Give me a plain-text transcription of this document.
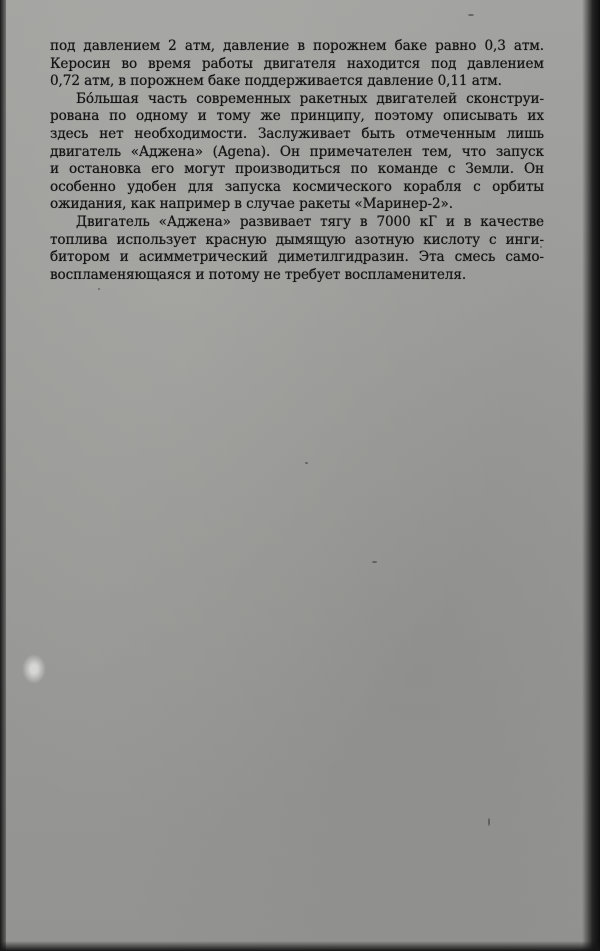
под давлением 2 атм, давление в порожнем баке равно 0,3 атм.
Керосин во время работы двигателя находится под давлением
0,72 атм, в порожнем баке поддерживается давление 0,11 атм.
Бо́льшая часть современных ракетных двигателей сконструи-
рована по одному и тому же принципу, поэтому описывать их
здесь нет необходимости. Заслуживает быть отмеченным лишь
двигатель «Аджена» (Agena). Он примечателен тем, что запуск
и остановка его могут производиться по команде с Земли. Он
особенно удобен для запуска космического корабля с орбиты
ожидания, как например в случае ракеты «Маринер-2».
Двигатель «Аджена» развивает тягу в 7000 кГ и в качестве
топлива использует красную дымящую азотную кислоту с инги-
битором и асимметрический диметилгидразин. Эта смесь само-
воспламеняющаяся и потому не требует воспламенителя.
